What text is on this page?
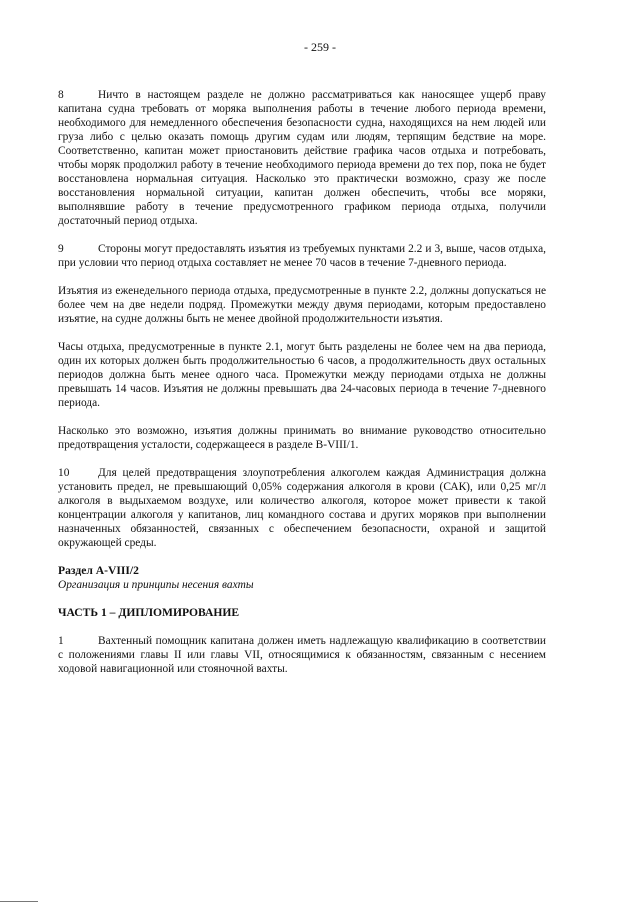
- 259 -

8	Ничто в настоящем разделе не должно рассматриваться как наносящее ущерб праву капитана судна требовать от моряка выполнения работы в течение любого периода времени, необходимого для немедленного обеспечения безопасности судна, находящихся на нем людей или груза либо с целью оказать помощь другим судам или людям, терпящим бедствие на море. Соответственно, капитан может приостановить действие графика часов отдыха и потребовать, чтобы моряк продолжил работу в течение необходимого периода времени до тех пор, пока не будет восстановлена нормальная ситуация. Насколько это практически возможно, сразу же после восстановления нормальной ситуации, капитан должен обеспечить, чтобы все моряки, выполнявшие работу в течение предусмотренного графиком периода отдыха, получили достаточный период отдыха.

9	Стороны могут предоставлять изъятия из требуемых пунктами 2.2 и 3, выше, часов отдыха, при условии что период отдыха составляет не менее 70 часов в течение 7-дневного периода.

Изъятия из еженедельного периода отдыха, предусмотренные в пункте 2.2, должны допускаться не более чем на две недели подряд. Промежутки между двумя периодами, которым предоставлено изъятие, на судне должны быть не менее двойной продолжительности изъятия.

Часы отдыха, предусмотренные в пункте 2.1, могут быть разделены не более чем на два периода, один их которых должен быть продолжительностью 6 часов, а продолжительность двух остальных периодов должна быть менее одного часа. Промежутки между периодами отдыха не должны превышать 14 часов. Изъятия не должны превышать два 24-часовых периода в течение 7-дневного периода.

Насколько это возможно, изъятия должны принимать во внимание руководство относительно предотвращения усталости, содержащееся в разделе B-VIII/1.

10	Для целей предотвращения злоупотребления алкоголем каждая Администрация должна установить предел, не превышающий 0,05% содержания алкоголя в крови (САК), или 0,25 мг/л алкоголя в выдыхаемом воздухе, или количество алкоголя, которое может привести к такой концентрации алкоголя у капитанов, лиц командного состава и других моряков при выполнении назначенных обязанностей, связанных с обеспечением безопасности, охраной и защитой окружающей среды.

Раздел A-VIII/2

Организация и принципы несения вахты

ЧАСТЬ 1 – ДИПЛОМИРОВАНИЕ

1	Вахтенный помощник капитана должен иметь надлежащую квалификацию в соответствии с положениями главы II или главы VII, относящимися к обязанностям, связанным с несением ходовой навигационной или стояночной вахты.
